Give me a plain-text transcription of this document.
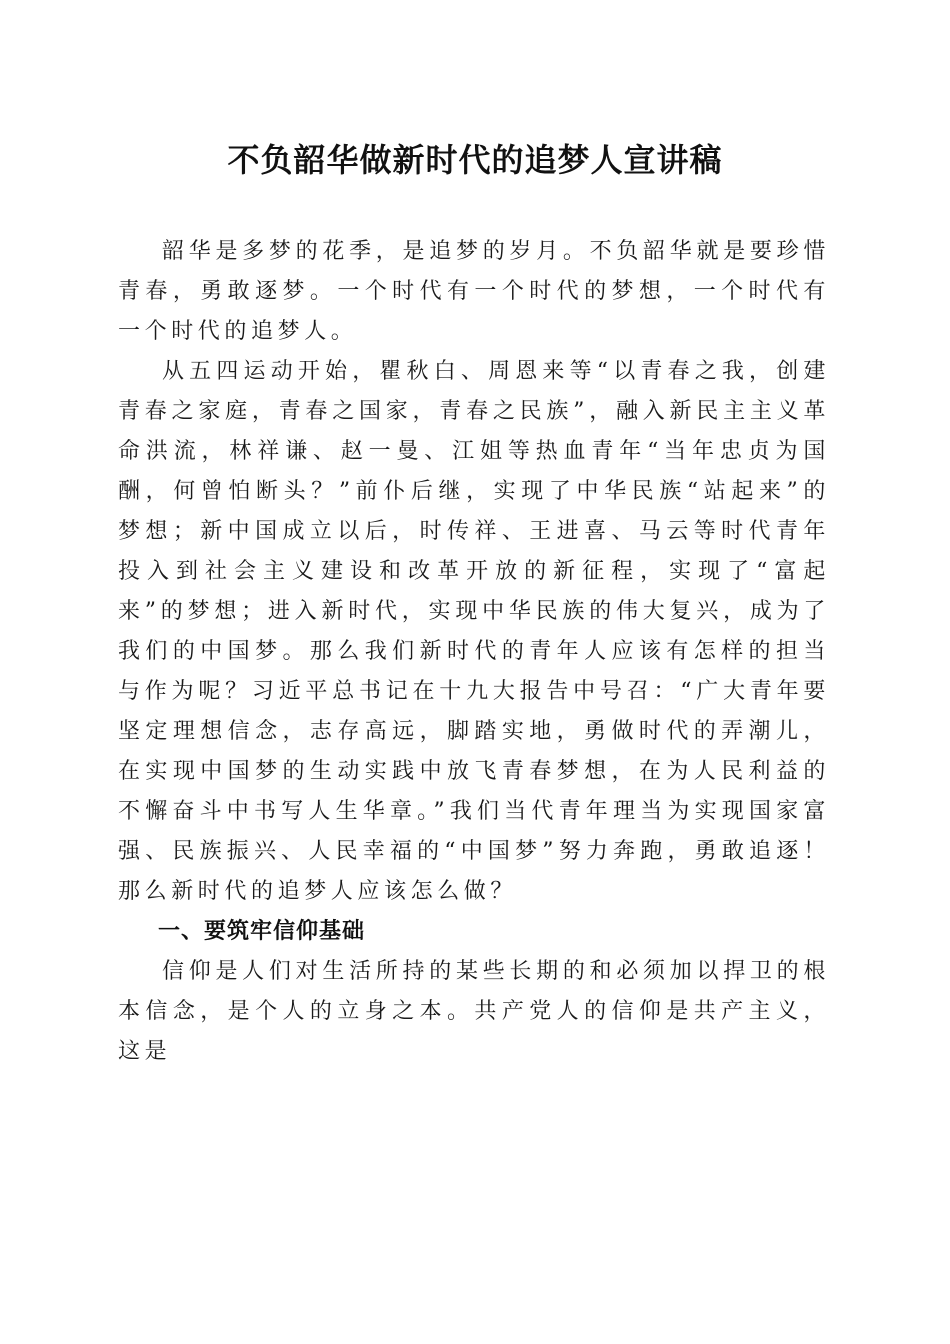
不负韶华做新时代的追梦人宣讲稿

韶华是多梦的花季，是追梦的岁月。不负韶华就是要珍惜青春，勇敢逐梦。一个时代有一个时代的梦想，一个时代有一个时代的追梦人。

从五四运动开始，瞿秋白、周恩来等“以青春之我，创建青春之家庭，青春之国家，青春之民族”，融入新民主主义革命洪流，林祥谦、赵一曼、江姐等热血青年“当年忠贞为国酬，何曾怕断头？”前仆后继，实现了中华民族“站起来”的梦想；新中国成立以后，时传祥、王进喜、马云等时代青年投入到社会主义建设和改革开放的新征程，实现了“富起来”的梦想；进入新时代，实现中华民族的伟大复兴，成为了我们的中国梦。那么我们新时代的青年人应该有怎样的担当与作为呢？习近平总书记在十九大报告中号召：“广大青年要坚定理想信念，志存高远，脚踏实地，勇做时代的弄潮儿，在实现中国梦的生动实践中放飞青春梦想，在为人民利益的不懈奋斗中书写人生华章。”我们当代青年理当为实现国家富强、民族振兴、人民幸福的“中国梦”努力奔跑，勇敢追逐！那么新时代的追梦人应该怎么做？

一、要筑牢信仰基础

信仰是人们对生活所持的某些长期的和必须加以捍卫的根本信念，是个人的立身之本。共产党人的信仰是共产主义，这是
